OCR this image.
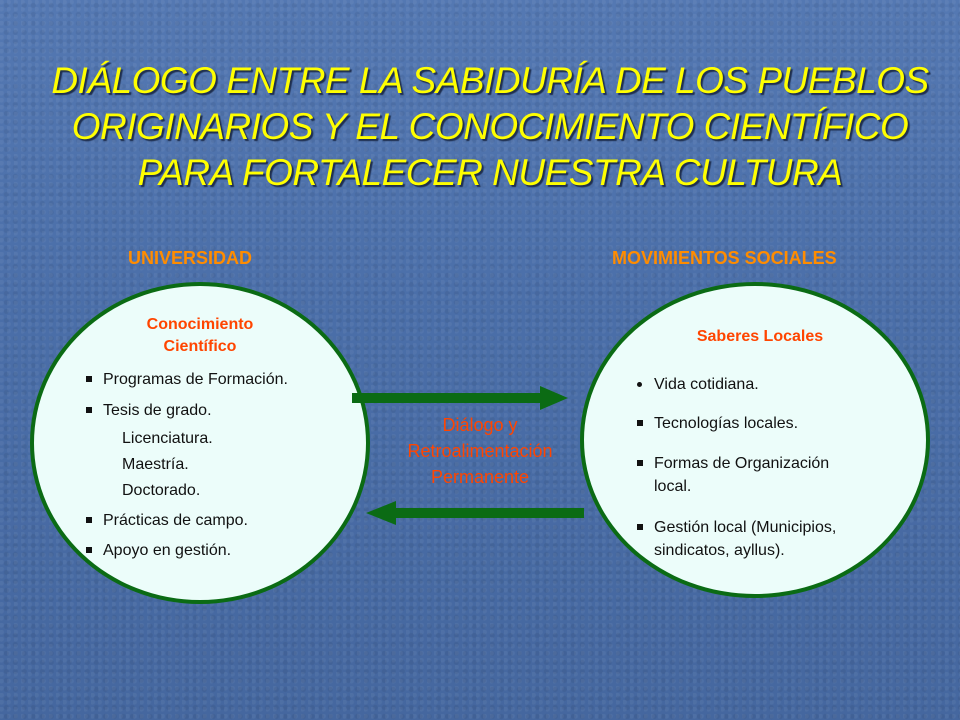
DIÁLOGO ENTRE LA SABIDURÍA DE LOS PUEBLOS
ORIGINARIOS Y EL CONOCIMIENTO CIENTÍFICO
PARA FORTALECER NUESTRA CULTURA
UNIVERSIDAD	MOVIMIENTOS SOCIALES
Conocimiento
Científico
Programas de Formación.
Tesis de grado.
Licenciatura.
Maestría.
Doctorado.
Prácticas de campo.
Apoyo en gestión.
Saberes Locales
Vida cotidiana.
Tecnologías locales.
Formas de Organización
local.
Gestión local (Municipios,
sindicatos, ayllus).
Diálogo y
Retroalimentación
Permanente
